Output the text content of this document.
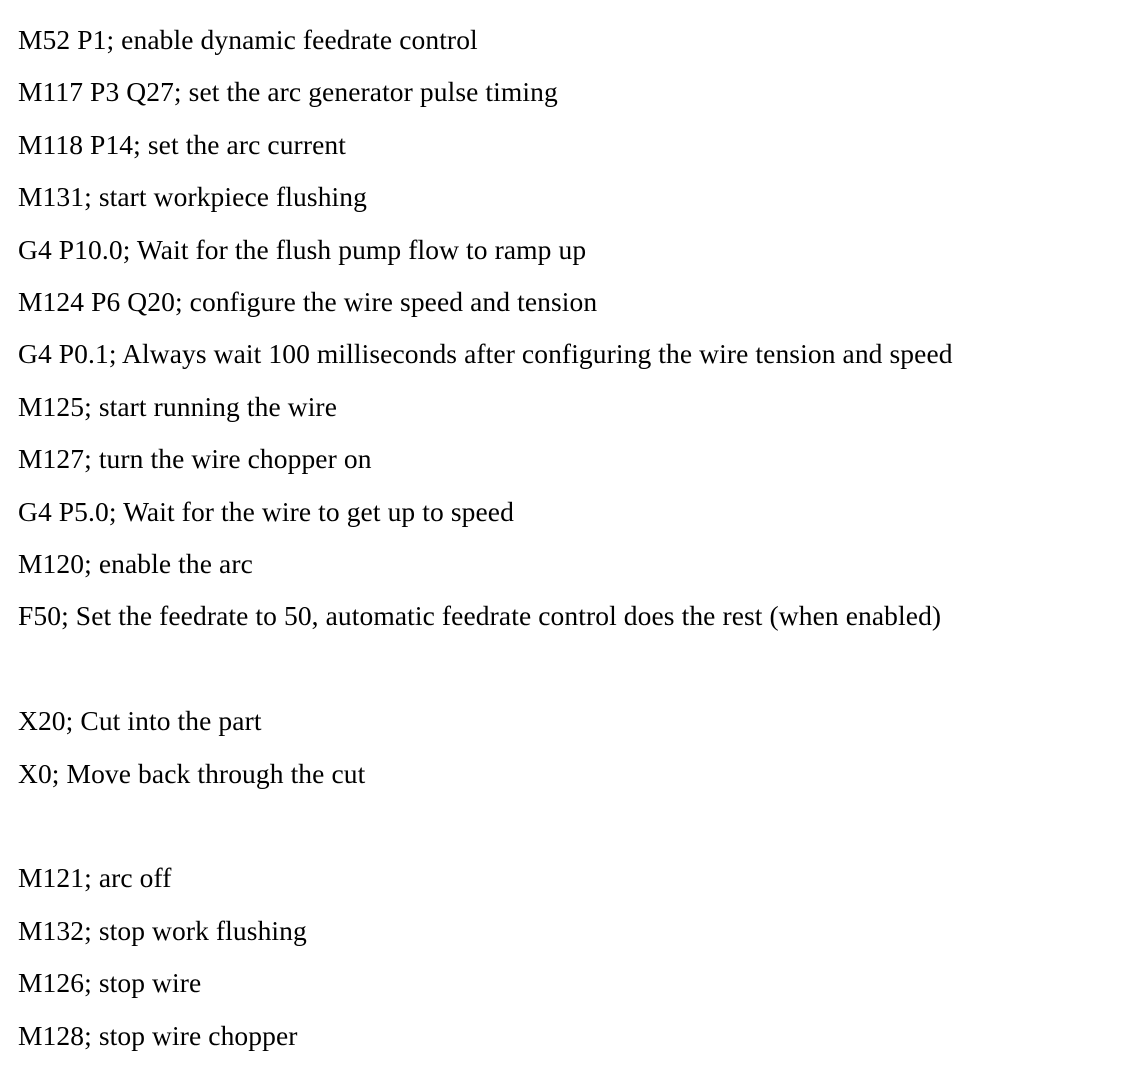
M52 P1; enable dynamic feedrate control
M117 P3 Q27; set the arc generator pulse timing
M118 P14; set the arc current
M131; start workpiece flushing
G4 P10.0; Wait for the flush pump flow to ramp up
M124 P6 Q20; configure the wire speed and tension
G4 P0.1; Always wait 100 milliseconds after configuring the wire tension and speed
M125; start running the wire
M127; turn the wire chopper on
G4 P5.0; Wait for the wire to get up to speed
M120; enable the arc
F50; Set the feedrate to 50, automatic feedrate control does the rest (when enabled)
X20; Cut into the part
X0; Move back through the cut
M121; arc off
M132; stop work flushing
M126; stop wire
M128; stop wire chopper
